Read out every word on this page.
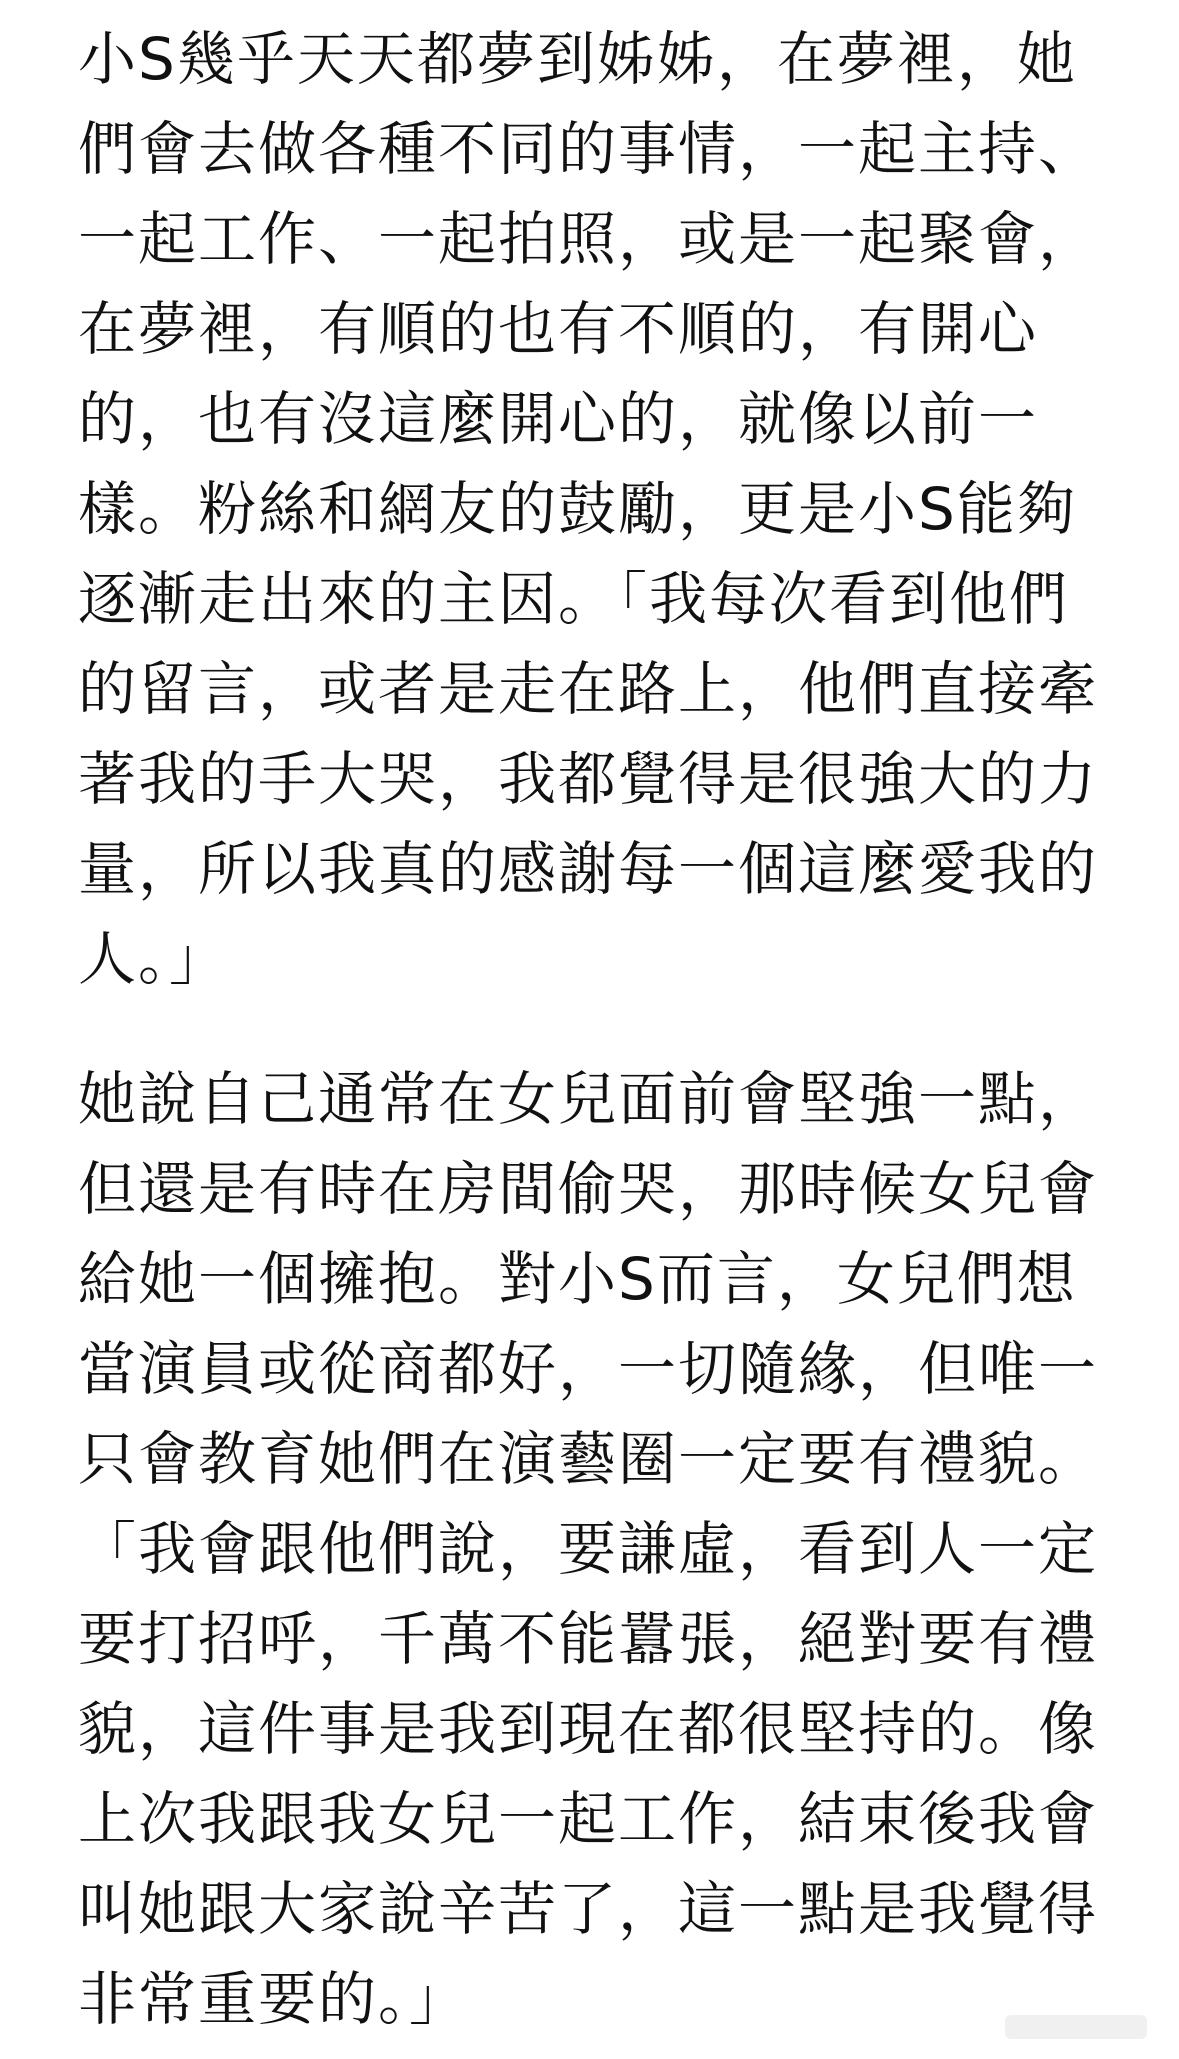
小S幾乎天天都夢到姊姊，在夢裡，她
們會去做各種不同的事情，一起主持、
一起工作、一起拍照，或是一起聚會，
在夢裡，有順的也有不順的，有開心
的，也有沒這麼開心的，就像以前一
樣。粉絲和網友的鼓勵，更是小S能夠
逐漸走出來的主因。「我每次看到他們
的留言，或者是走在路上，他們直接牽
著我的手大哭，我都覺得是很強大的力
量，所以我真的感謝每一個這麼愛我的
人。」
她說自己通常在女兒面前會堅強一點，
但還是有時在房間偷哭，那時候女兒會
給她一個擁抱。對小S而言，女兒們想
當演員或從商都好，一切隨緣，但唯一
只會教育她們在演藝圈一定要有禮貌。
「我會跟他們說，要謙虛，看到人一定
要打招呼，千萬不能囂張，絕對要有禮
貌，這件事是我到現在都很堅持的。像
上次我跟我女兒一起工作，結束後我會
叫她跟大家說辛苦了，這一點是我覺得
非常重要的。」
